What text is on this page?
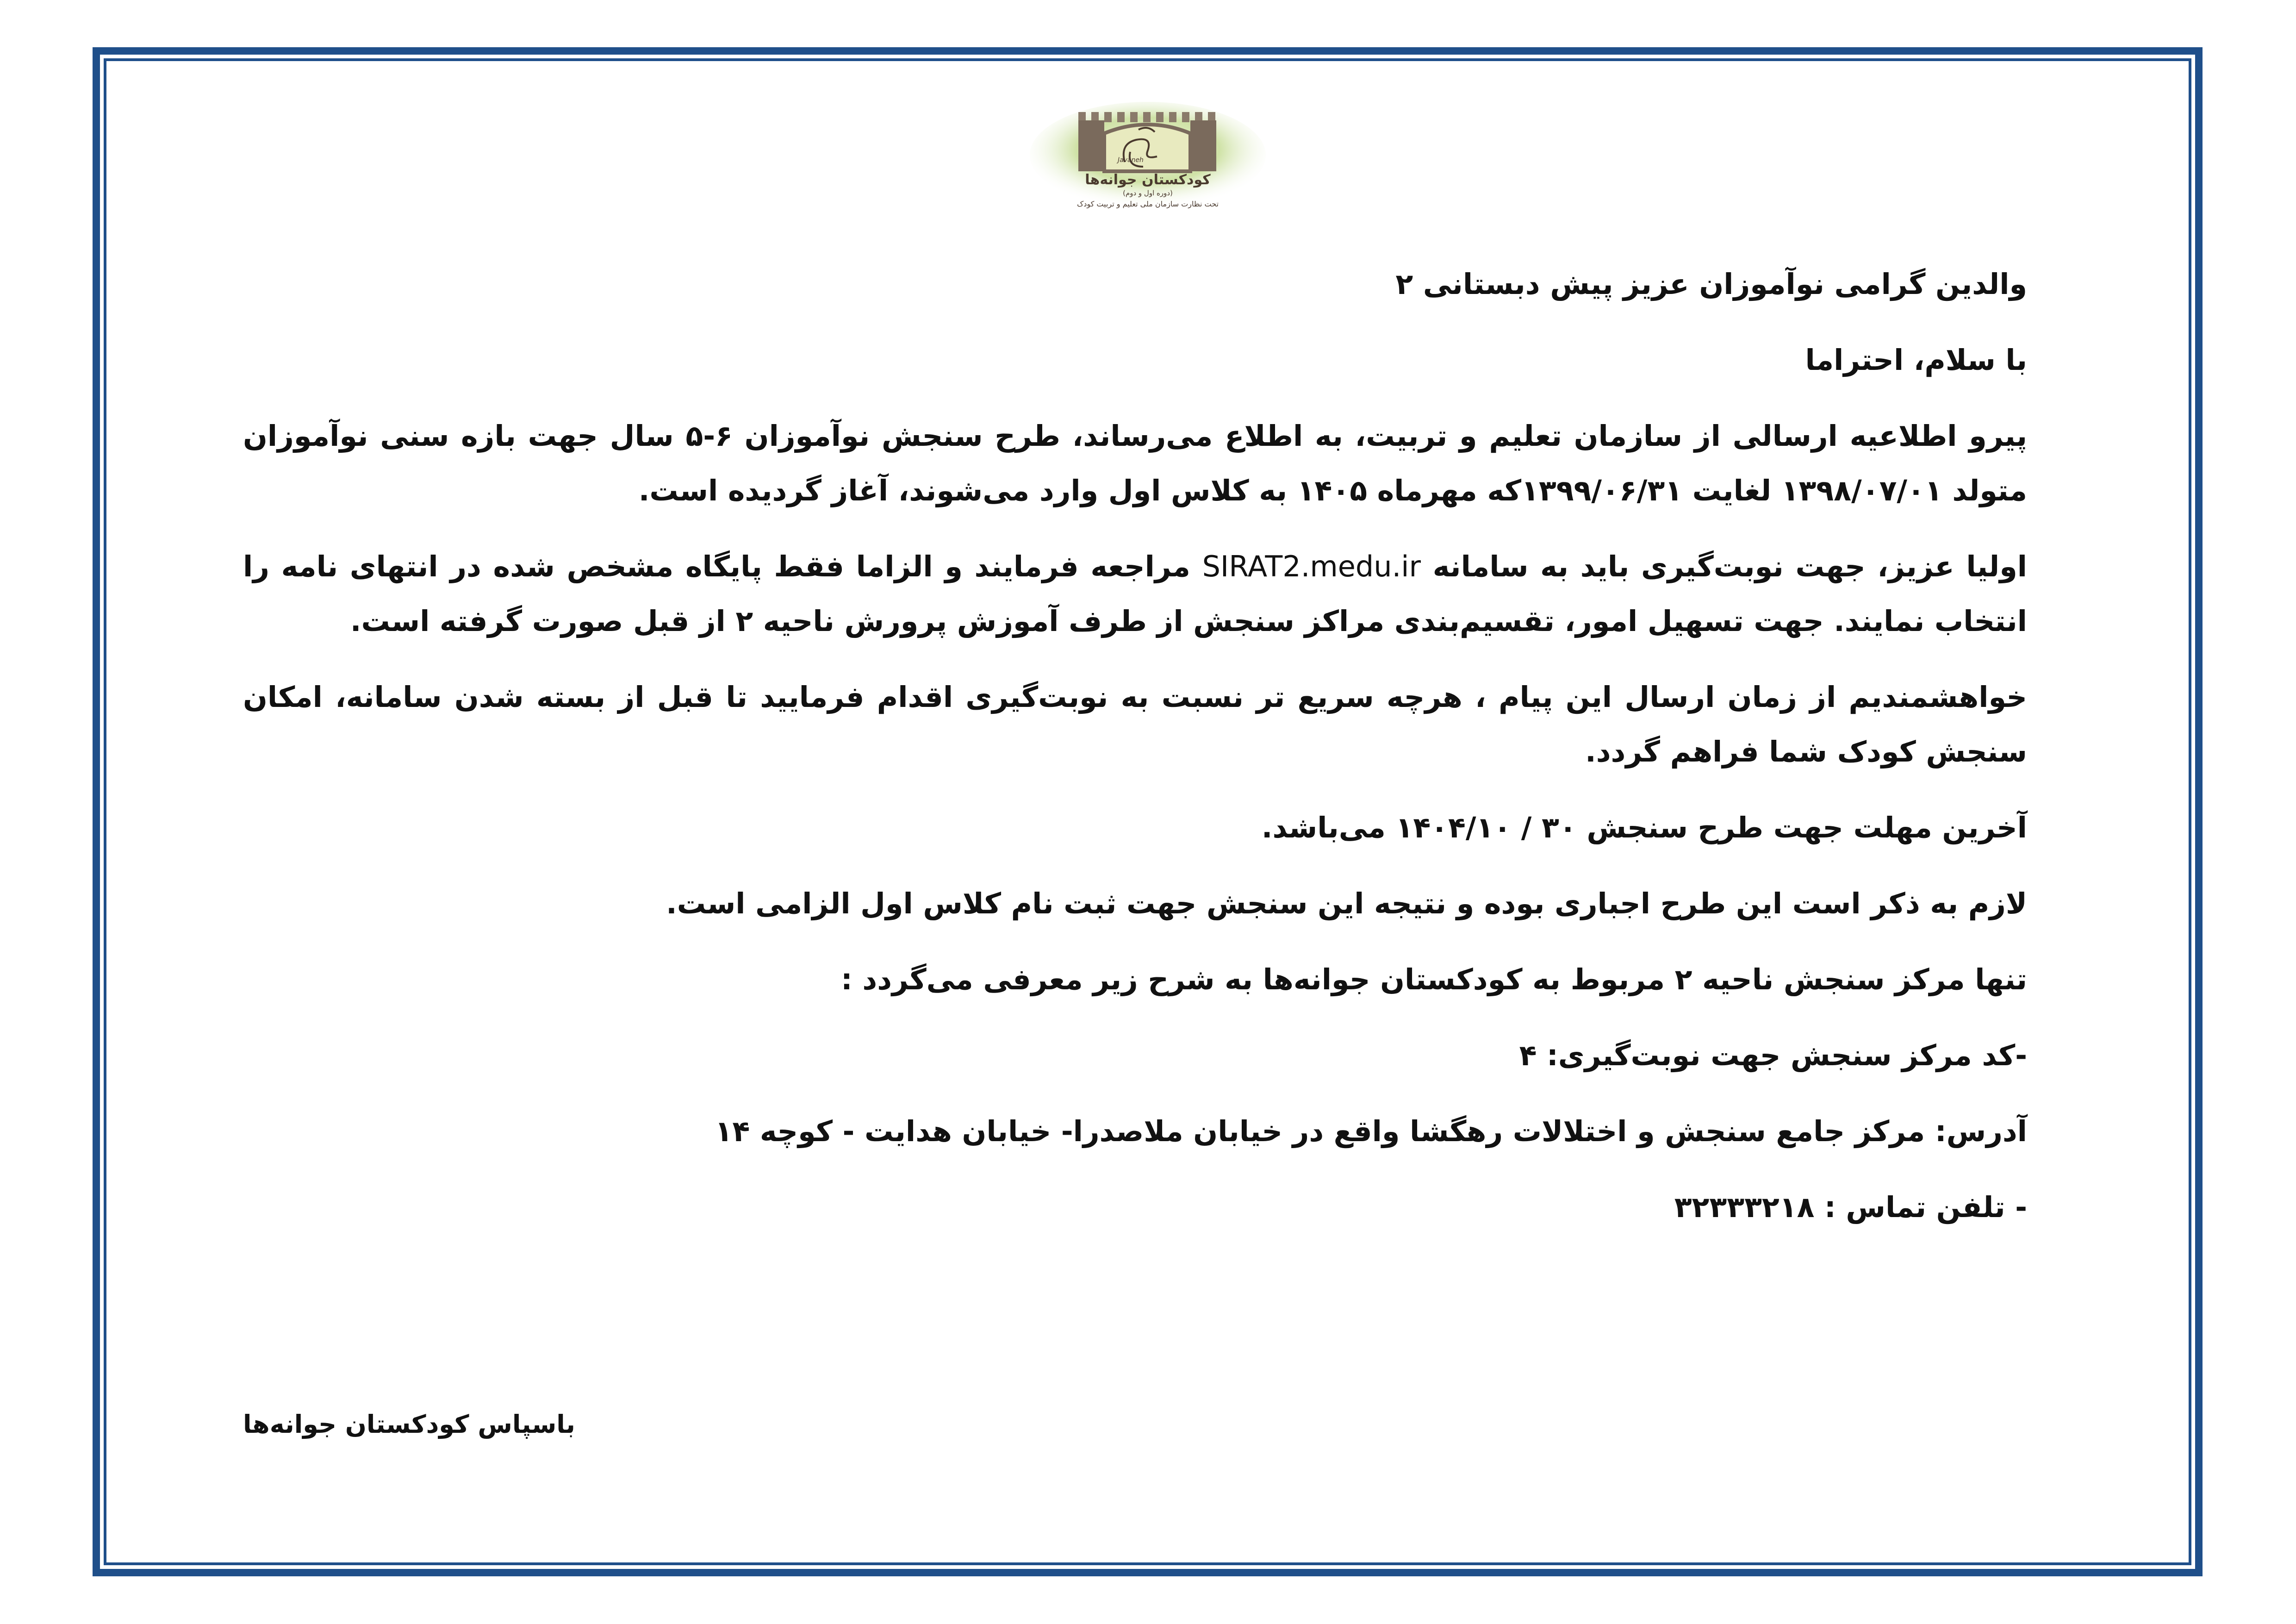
Javaneh
کودکستان جوانه‌ها
(دوره اول و دوم)
تحت نظارت سازمان ملی تعلیم و تربیت کودک

والدین گرامی نوآموزان عزیز پیش دبستانی ۲

با سلام، احتراما

پیرو اطلاعیه ارسالی از سازمان تعلیم و تربیت، به اطلاع می‌رساند، طرح سنجش نوآموزان ۶-۵ سال جهت بازه سنی نوآموزان متولد ۱۳۹۸/۰۷/۰۱ لغایت ۱۳۹۹/۰۶/۳۱که مهرماه ۱۴۰۵ به کلاس اول وارد می‌شوند، آغاز گردیده است.

اولیا عزیز، جهت نوبت‌گیری باید به سامانه SIRAT2.medu.ir مراجعه فرمایند و الزاما فقط پایگاه مشخص شده در انتهای نامه را انتخاب نمایند. جهت تسهیل امور، تقسیم‌بندی مراکز سنجش از طرف آموزش پرورش ناحیه ۲ از قبل صورت گرفته است.

خواهشمندیم از زمان ارسال این پیام ، هرچه سریع تر نسبت به نوبت‌گیری اقدام فرمایید تا قبل از بسته شدن سامانه، امکان سنجش کودک شما فراهم گردد.

آخرین مهلت جهت طرح سنجش ۳۰ / ۱۴۰۴/۱۰ می‌باشد.

لازم به ذکر است این طرح اجباری بوده و نتیجه این سنجش جهت ثبت نام کلاس اول الزامی است.

تنها مرکز سنجش ناحیه ۲ مربوط به کودکستان جوانه‌ها به شرح زیر معرفی می‌گردد :

-کد مرکز سنجش جهت نوبت‌گیری: ۴

آدرس: مرکز جامع سنجش و اختلالات رهگشا واقع در خیابان ملاصدرا- خیابان هدایت - کوچه ۱۴

- تلفن تماس : ۳۲۳۳۳۲۱۸

باسپاس کودکستان جوانه‌ها
